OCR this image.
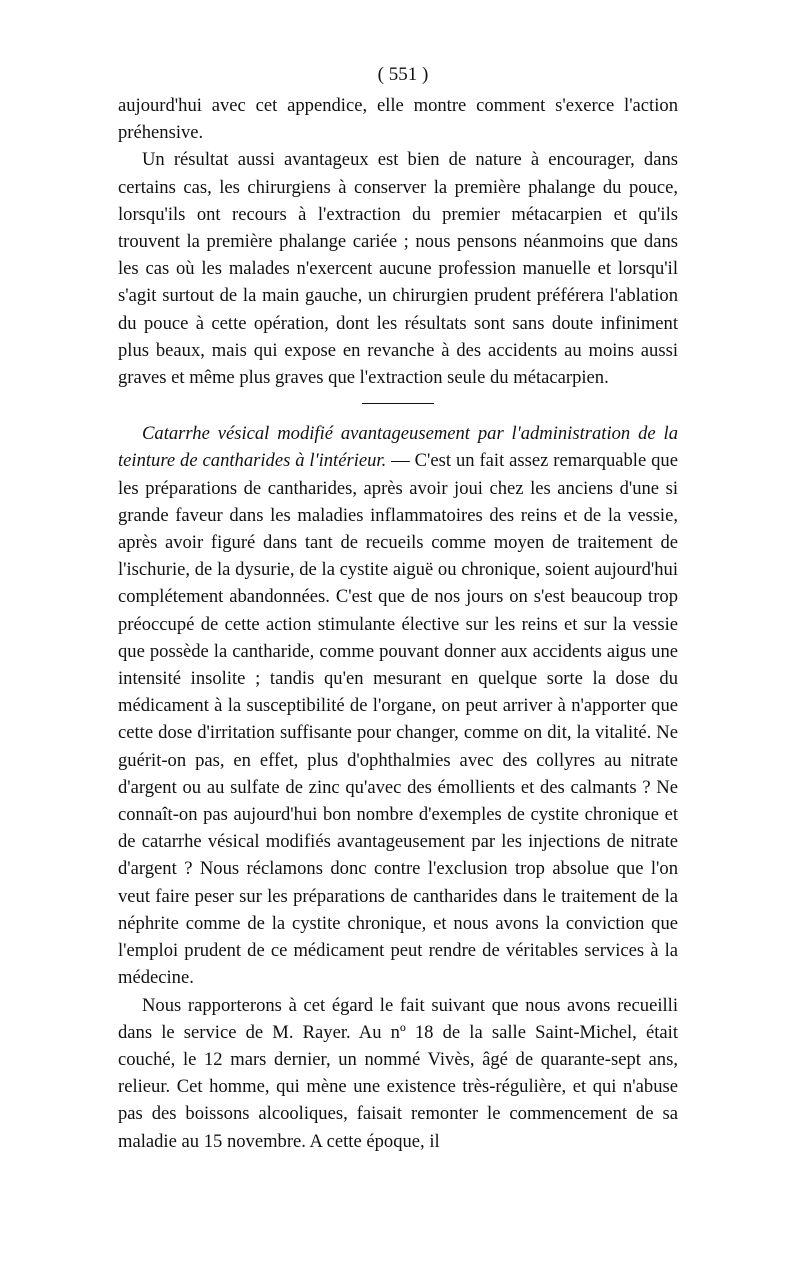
( 551 )

aujourd'hui avec cet appendice, elle montre comment s'exerce l'action préhensive.

Un résultat aussi avantageux est bien de nature à encourager, dans certains cas, les chirurgiens à conserver la première phalange du pouce, lorsqu'ils ont recours à l'extraction du premier métacarpien et qu'ils trouvent la première phalange cariée ; nous pensons néanmoins que dans les cas où les malades n'exercent aucune profession manuelle et lorsqu'il s'agit surtout de la main gauche, un chirurgien prudent préférera l'ablation du pouce à cette opération, dont les résultats sont sans doute infiniment plus beaux, mais qui expose en revanche à des accidents au moins aussi graves et même plus graves que l'extraction seule du métacarpien.

Catarrhe vésical modifié avantageusement par l'administration de la teinture de cantharides à l'intérieur. — C'est un fait assez remarquable que les préparations de cantharides, après avoir joui chez les anciens d'une si grande faveur dans les maladies inflammatoires des reins et de la vessie, après avoir figuré dans tant de recueils comme moyen de traitement de l'ischurie, de la dysurie, de la cystite aiguë ou chronique, soient aujourd'hui complétement abandonnées. C'est que de nos jours on s'est beaucoup trop préoccupé de cette action stimulante élective sur les reins et sur la vessie que possède la cantharide, comme pouvant donner aux accidents aigus une intensité insolite ; tandis qu'en mesurant en quelque sorte la dose du médicament à la susceptibilité de l'organe, on peut arriver à n'apporter que cette dose d'irritation suffisante pour changer, comme on dit, la vitalité. Ne guérit-on pas, en effet, plus d'ophthalmies avec des collyres au nitrate d'argent ou au sulfate de zinc qu'avec des émollients et des calmants ? Ne connaît-on pas aujourd'hui bon nombre d'exemples de cystite chronique et de catarrhe vésical modifiés avantageusement par les injections de nitrate d'argent ? Nous réclamons donc contre l'exclusion trop absolue que l'on veut faire peser sur les préparations de cantharides dans le traitement de la néphrite comme de la cystite chronique, et nous avons la conviction que l'emploi prudent de ce médicament peut rendre de véritables services à la médecine.

Nous rapporterons à cet égard le fait suivant que nous avons recueilli dans le service de M. Rayer. Au nº 18 de la salle Saint-Michel, était couché, le 12 mars dernier, un nommé Vivès, âgé de quarante-sept ans, relieur. Cet homme, qui mène une existence très-régulière, et qui n'abuse pas des boissons alcooliques, faisait remonter le commencement de sa maladie au 15 novembre. A cette époque, il
